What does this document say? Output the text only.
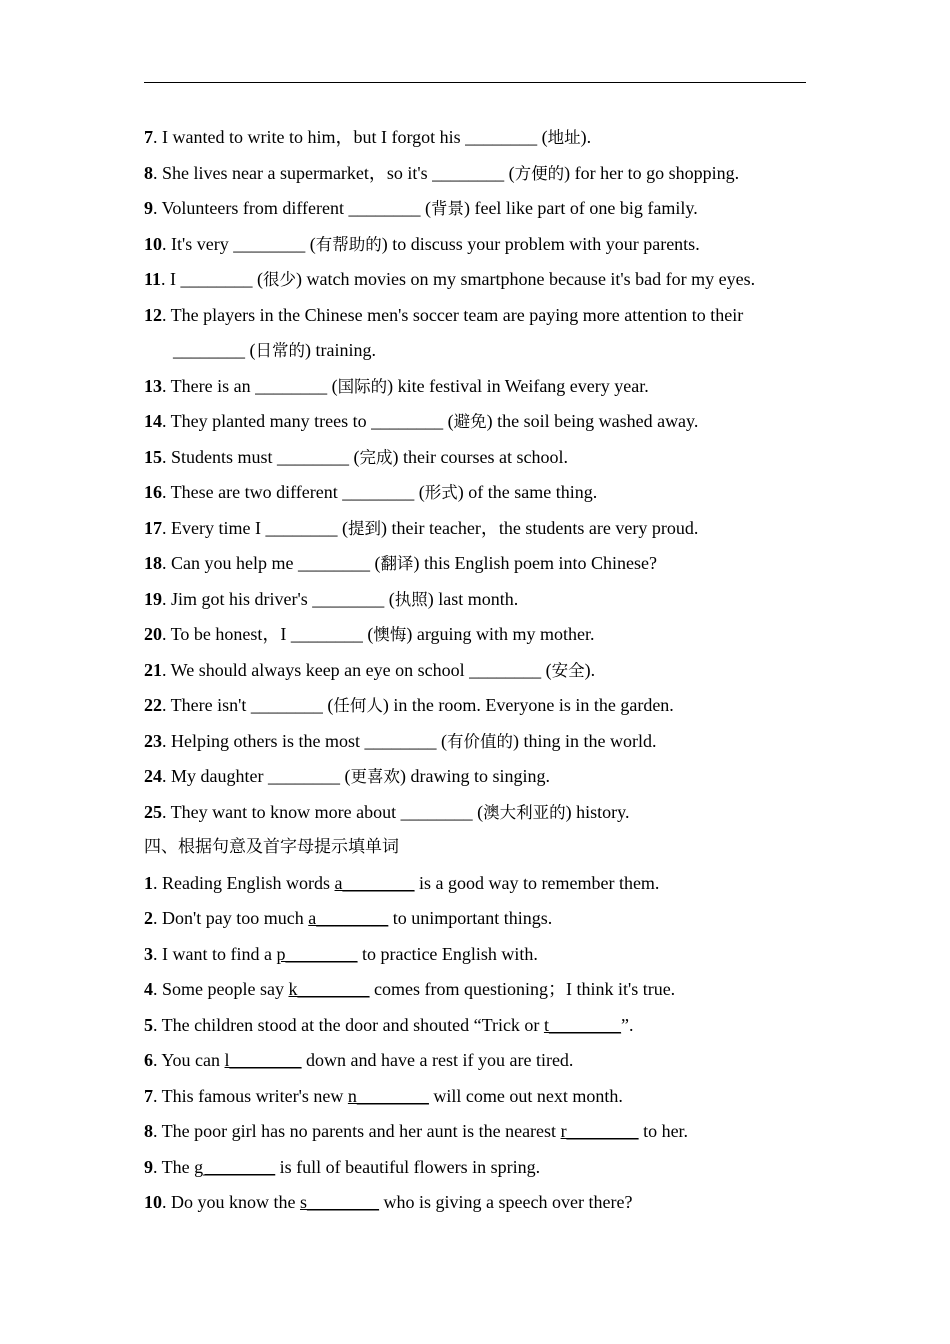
7. I wanted to write to him，but I forgot his ________ (地址).
8. She lives near a supermarket，so it's ________ (方便的) for her to go shopping.
9. Volunteers from different ________ (背景) feel like part of one big family.
10. It's very ________ (有帮助的) to discuss your problem with your parents.
11. I ________ (很少) watch movies on my smartphone because it's bad for my eyes.
12. The players in the Chinese men's soccer team are paying more attention to their
________ (日常的) training.
13. There is an ________ (国际的) kite festival in Weifang every year.
14. They planted many trees to ________ (避免) the soil being washed away.
15. Students must ________ (完成) their courses at school.
16. These are two different ________ (形式) of the same thing.
17. Every time I ________ (提到) their teacher，the students are very proud.
18. Can you help me ________ (翻译) this English poem into Chinese?
19. Jim got his driver's ________ (执照) last month.
20. To be honest，I ________ (懊悔) arguing with my mother.
21. We should always keep an eye on school ________ (安全).
22. There isn't ________ (任何人) in the room. Everyone is in the garden.
23. Helping others is the most ________ (有价值的) thing in the world.
24. My daughter ________ (更喜欢) drawing to singing.
25. They want to know more about ________ (澳大利亚的) history.
四、根据句意及首字母提示填单词
1. Reading English words a________ is a good way to remember them.
2. Don't pay too much a________ to unimportant things.
3. I want to find a p________ to practice English with.
4. Some people say k________ comes from questioning；I think it's true.
5. The children stood at the door and shouted “Trick or t________”.
6. You can l________ down and have a rest if you are tired.
7. This famous writer's new n________ will come out next month.
8. The poor girl has no parents and her aunt is the nearest r________ to her.
9. The g________ is full of beautiful flowers in spring.
10. Do you know the s________ who is giving a speech over there?
